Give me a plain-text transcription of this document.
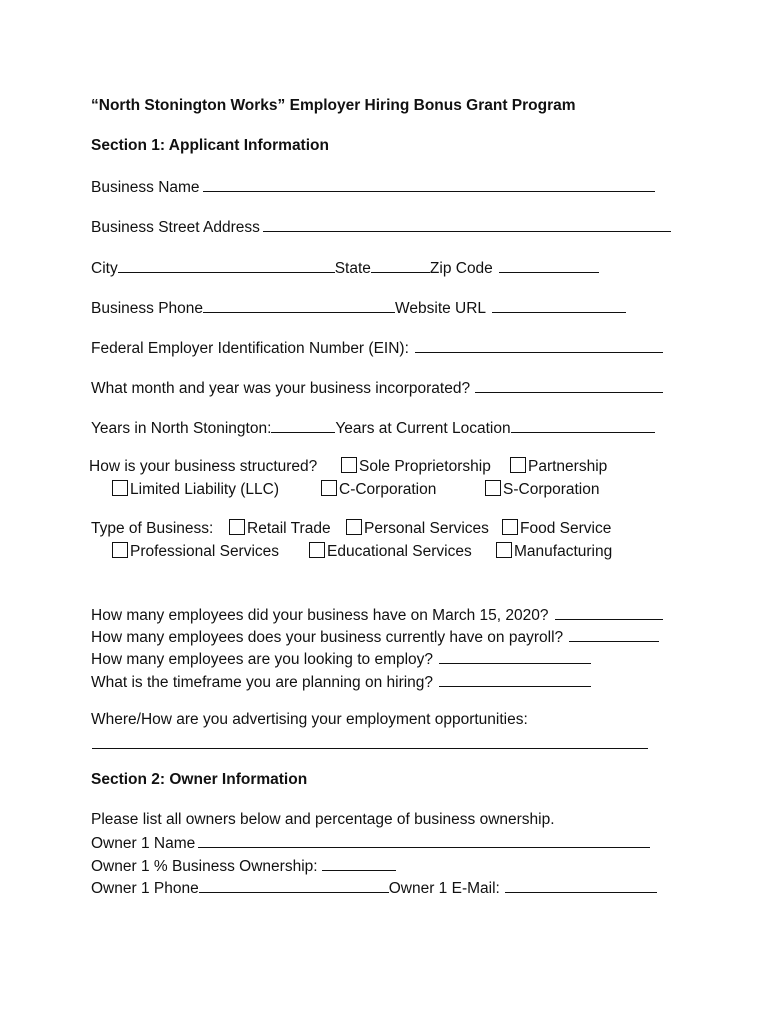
“North Stonington Works” Employer Hiring Bonus Grant Program
Section 1: Applicant Information
Business Name
Business Street Address
City	State	Zip Code
Business Phone	Website URL
Federal Employer Identification Number (EIN):
What month and year was your business incorporated?
Years in North Stonington:	Years at Current Location
How is your business structured?	Sole Proprietorship	Partnership
Limited Liability (LLC)	C-Corporation	S-Corporation
Type of Business:	Retail Trade	Personal Services	Food Service
Professional Services	Educational Services	Manufacturing
How many employees did your business have on March 15, 2020?
How many employees does your business currently have on payroll?
How many employees are you looking to employ?
What is the timeframe you are planning on hiring?
Where/How are you advertising your employment opportunities:
Section 2: Owner Information
Please list all owners below and percentage of business ownership.
Owner 1 Name
Owner 1 % Business Ownership:
Owner 1 Phone	Owner 1 E-Mail:
